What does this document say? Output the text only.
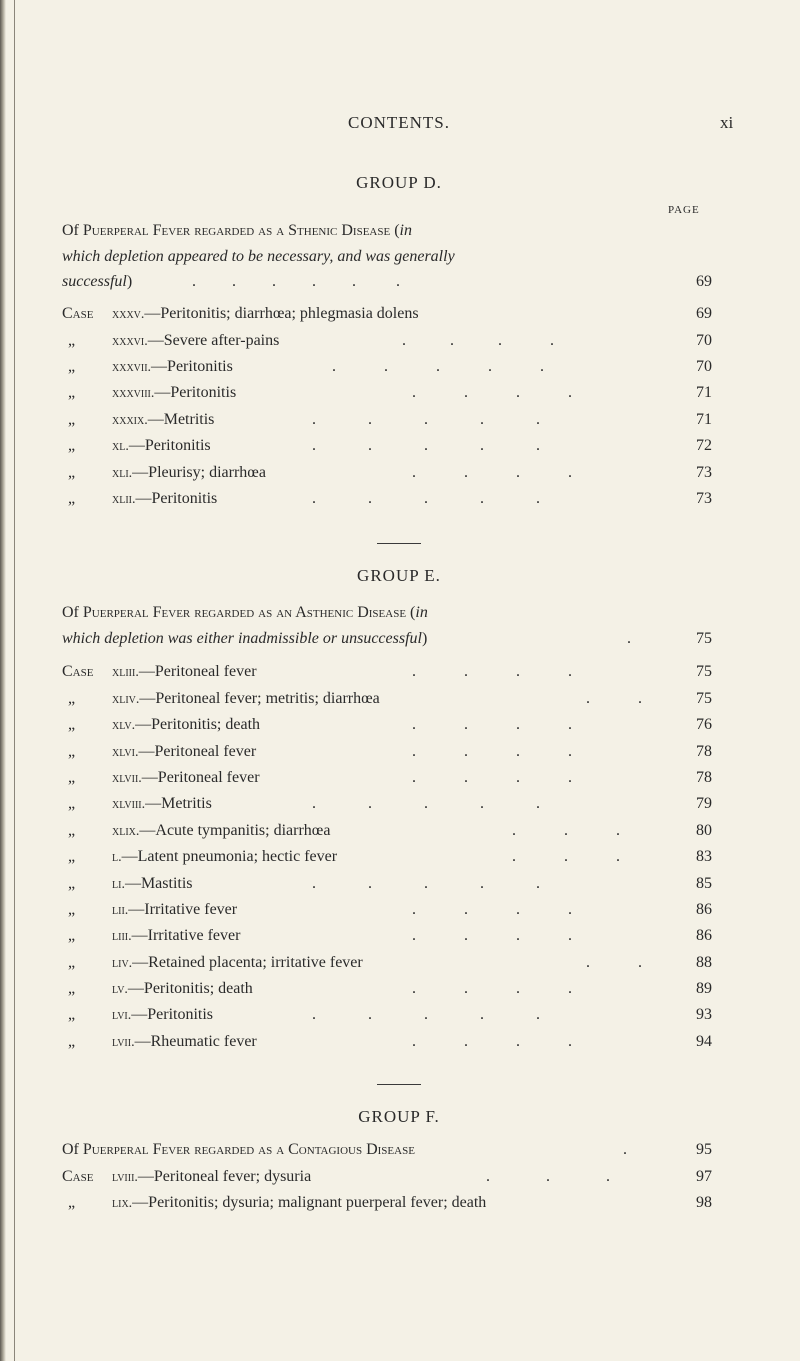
CONTENTS.	xi
GROUP D.
PAGE
Of Puerperal Fever regarded as a Sthenic Disease (in
which depletion appeared to be necessary, and was generally
successful)	.         .         .         .         .          .	69
Case xxxv.—Peritonitis; diarrhœa; phlegmasia dolens	69
„	xxxvi.—Severe after-pains	.           .           .            .	70
„	xxxvii.—Peritonitis	.            .            .            .            .	70
„	xxxviii.—Peritonitis	.            .            .            .	71
„	xxxix.—Metritis	.             .             .             .             .	71
„	xl.—Peritonitis	.             .             .             .             .	72
„	xli.—Pleurisy; diarrhœa	.            .            .            .	73
„	xlii.—Peritonitis	.             .             .             .             .	73
GROUP E.
Of Puerperal Fever regarded as an Asthenic Disease (in
which depletion was either inadmissible or unsuccessful)	.	75
Case xliii.—Peritoneal fever	.            .            .            .	75
„	xliv.—Peritoneal fever; metritis; diarrhœa	.            .	75
„	xlv.—Peritonitis; death	.            .            .            .	76
„	xlvi.—Peritoneal fever	.            .            .            .	78
„	xlvii.—Peritoneal fever	.            .            .            .	78
„	xlviii.—Metritis	.             .             .             .             .	79
„	xlix.—Acute tympanitis; diarrhœa	.            .            .	80
„	l.—Latent pneumonia; hectic fever	.            .            .	83
„	li.—Mastitis	.             .             .             .             .	85
„	lii.—Irritative fever	.            .            .            .	86
„	liii.—Irritative fever	.            .            .            .	86
„	liv.—Retained placenta; irritative fever	.            .	88
„	lv.—Peritonitis; death	.            .            .            .	89
„	lvi.—Peritonitis	.             .             .             .             .	93
„	lvii.—Rheumatic fever	.            .            .            .	94
GROUP F.
Of Puerperal Fever regarded as a Contagious Disease	.	95
Case lviii.—Peritoneal fever; dysuria	.              .              .	97
„	lix.—Peritonitis; dysuria; malignant puerperal fever; death	98
